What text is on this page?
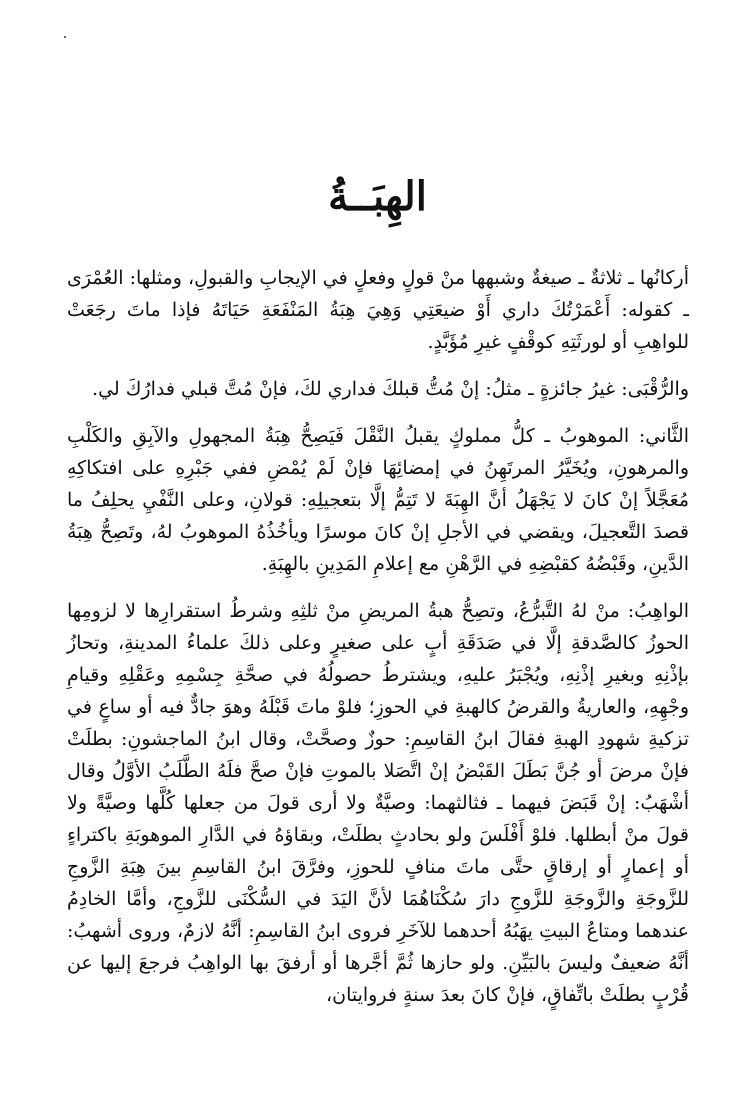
الهِبَــةُ

أركانُها ـ ثلاثةٌ ـ صيغةٌ وشبهها منْ قولٍ وفعلٍ في الإيجابِ والقبولِ، ومثلها: العُمْرَى ـ كقوله: أَعْمَرْتُكَ داري أَوْ ضيعَتِي وَهِيَ هِبَةُ المَنْفَعَةِ حَيَاتَهُ فإذا ماتَ رجَعَتْ للواهِبِ أو لورثَتِهِ كوقْفٍ غيرِ مُؤَبَّدٍ.

والرُّقْبَى: غيرُ جائزةٍ ـ مثلُ: إنْ مُتُّ قبلكَ فداري لكَ، فإنْ مُتَّ قبلي فدارُكَ لي.

الثَّاني: الموهوبُ ـ كلُّ مملوكٍ يقبلُ النَّقْلَ فَيَصِحُّ هِبَةُ المجهولِ والآبِقِ والكَلْبِ والمرهونِ، ويُخَيَّرُ المرتَهِنُ في إمضائِهَا فإنْ لَمْ يُمْضِ ففي جَبْرِهِ على افتكاكِهِ مُعَجَّلاً إنْ كانَ لا يَجْهَلُ أنَّ الهِبَةَ لا تَتِمُّ إلَّا بتعجيلِهِ: قولانِ، وعلى النَّفْيِ يحلِفُ ما قصدَ التَّعجيلَ، ويقضي في الأجلِ إنْ كانَ موسرًا ويأخُذُهُ الموهوبُ لهُ، وتَصِحُّ هِبَةُ الدَّينِ، وقَبْضُهُ كقبْضِهِ في الرَّهْنِ مع إعلامِ المَدِينِ بالهِبَةِ.

الواهِبُ: منْ لهُ التَّبرُّعُ، وتصِحُّ هبةُ المريضِ منْ ثلثِهِ وشرطُ استقرارِها لا لزومِها الحوزُ كالصَّدقةِ إلَّا في صَدَقَةِ أبٍ على صغيرٍ وعلى ذلكَ علماءُ المدينةِ، وتحازُ بإذْنِهِ وبغيرِ إذْنِهِ، ويُجْبَرُ عليهِ، ويشترطُ حصولُهُ في صحَّةِ جِسْمِهِ وعَقْلِهِ وقيامِ وجْهِهِ، والعاريةُ والقرضُ كالهبةِ في الحوزِ؛ فلوْ ماتَ قَبْلَهُ وهوَ جادٌّ فيه أو ساعٍ في تزكيةِ شهودِ الهبةِ فقالَ ابنُ القاسِمِ: حوزٌ وصحَّتْ، وقال ابنُ الماجشونِ: بطلَتْ فإنْ مرضَ أو جُنَّ بَطَلَ القَبْضُ إنْ اتَّصَلا بالموتِ فإنْ صحَّ فلَهُ الطَّلَبُ الأوَّلُ وقال أشْهَبُ: إنْ قَبَضَ فيهما ـ فثالثهما: وصيَّةٌ ولا أرى قولَ من جعلها كُلَّها وصيَّةً ولا قولَ منْ أبطلها. فلوْ أَفْلَسَ ولو بحادثٍ بطلَتْ، وبقاؤهُ في الدَّارِ الموهوبَةِ باكتراءٍ أو إعمارٍ أو إرقاقٍ حتَّى ماتَ منافٍ للحوزِ، وفرَّقَ ابنُ القاسِمِ بينَ هِبَةِ الزَّوجِ للزَّوجَةِ والزَّوجَةِ للزَّوجِ دارَ سُكْنَاهُمَا لأنَّ اليَدَ في السُّكْنَى للزَّوجِ، وأمَّا الخادِمُ عندهما ومتاعُ البيتِ يهَبُهُ أحدهما للآخَرِ فروى ابنُ القاسِمِ: أنَّهُ لازمٌ، وروى أشهبُ: أنَّهُ ضعيفٌ وليسَ بالبَيِّنِ. ولو حازها ثُمَّ أجَّرها أو أرفقَ بها الواهِبُ فرجعَ إليها عن قُرْبٍ بطلَتْ باتِّفاقٍ، فإنْ كانَ بعدَ سنةٍ فروايتان،
